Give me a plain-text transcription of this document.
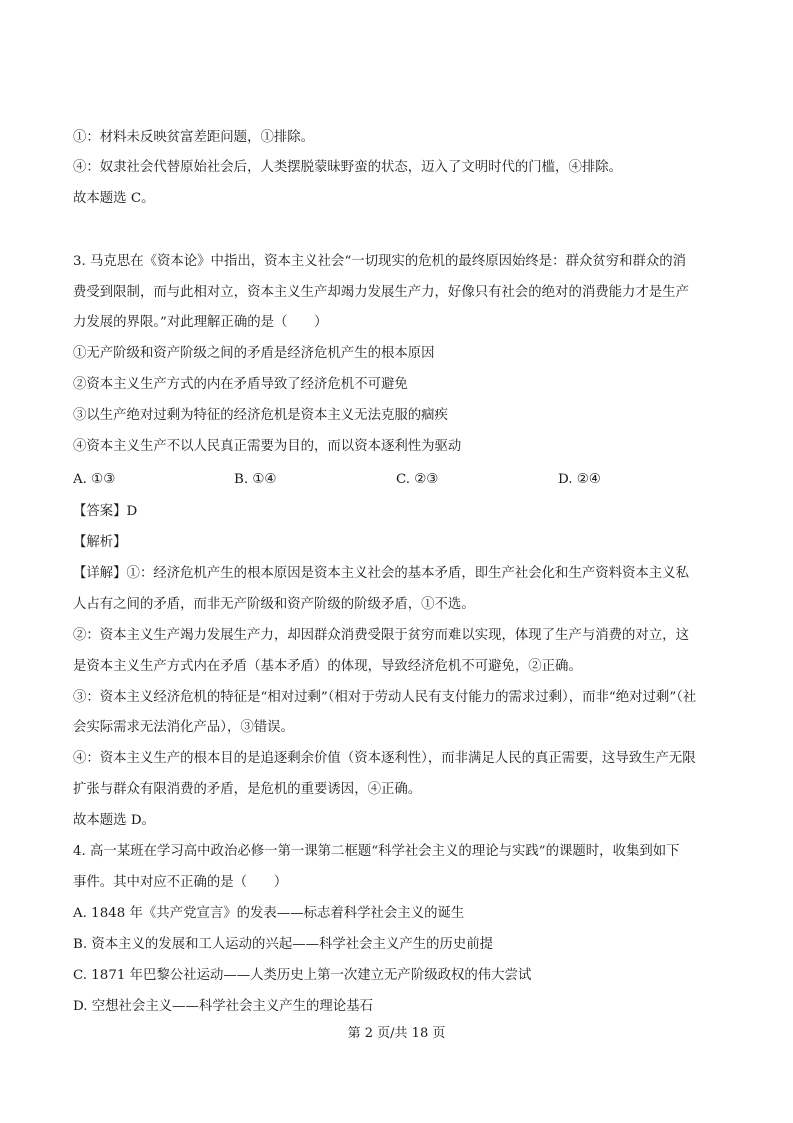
①：材料未反映贫富差距问题，①排除。

④：奴隶社会代替原始社会后，人类摆脱蒙昧野蛮的状态，迈入了文明时代的门槛，④排除。

故本题选 C。

3. 马克思在《资本论》中指出，资本主义社会“一切现实的危机的最终原因始终是：群众贫穷和群众的消

费受到限制，而与此相对立，资本主义生产却竭力发展生产力，好像只有社会的绝对的消费能力才是生产

力发展的界限。”对此理解正确的是（　　）

①无产阶级和资产阶级之间的矛盾是经济危机产生的根本原因

②资本主义生产方式的内在矛盾导致了经济危机不可避免

③以生产绝对过剩为特征的经济危机是资本主义无法克服的痼疾

④资本主义生产不以人民真正需要为目的，而以资本逐利性为驱动

A. ①③	B. ①④	C. ②③	D. ②④

【答案】D

【解析】

【详解】①：经济危机产生的根本原因是资本主义社会的基本矛盾，即生产社会化和生产资料资本主义私

人占有之间的矛盾，而非无产阶级和资产阶级的阶级矛盾，①不选。

②：资本主义生产竭力发展生产力，却因群众消费受限于贫穷而难以实现，体现了生产与消费的对立，这

是资本主义生产方式内在矛盾（基本矛盾）的体现，导致经济危机不可避免，②正确。

③：资本主义经济危机的特征是“相对过剩”（相对于劳动人民有支付能力的需求过剩），而非“绝对过剩”（社

会实际需求无法消化产品），③错误。

④：资本主义生产的根本目的是追逐剩余价值（资本逐利性），而非满足人民的真正需要，这导致生产无限

扩张与群众有限消费的矛盾，是危机的重要诱因，④正确。

故本题选 D。

4. 高一某班在学习高中政治必修一第一课第二框题“科学社会主义的理论与实践”的课题时，收集到如下

事件。其中对应不正确的是（　　）

A. 1848 年《共产党宣言》的发表——标志着科学社会主义的诞生

B. 资本主义的发展和工人运动的兴起——科学社会主义产生的历史前提

C. 1871 年巴黎公社运动——人类历史上第一次建立无产阶级政权的伟大尝试

D. 空想社会主义——科学社会主义产生的理论基石

第 2 页/共 18 页
